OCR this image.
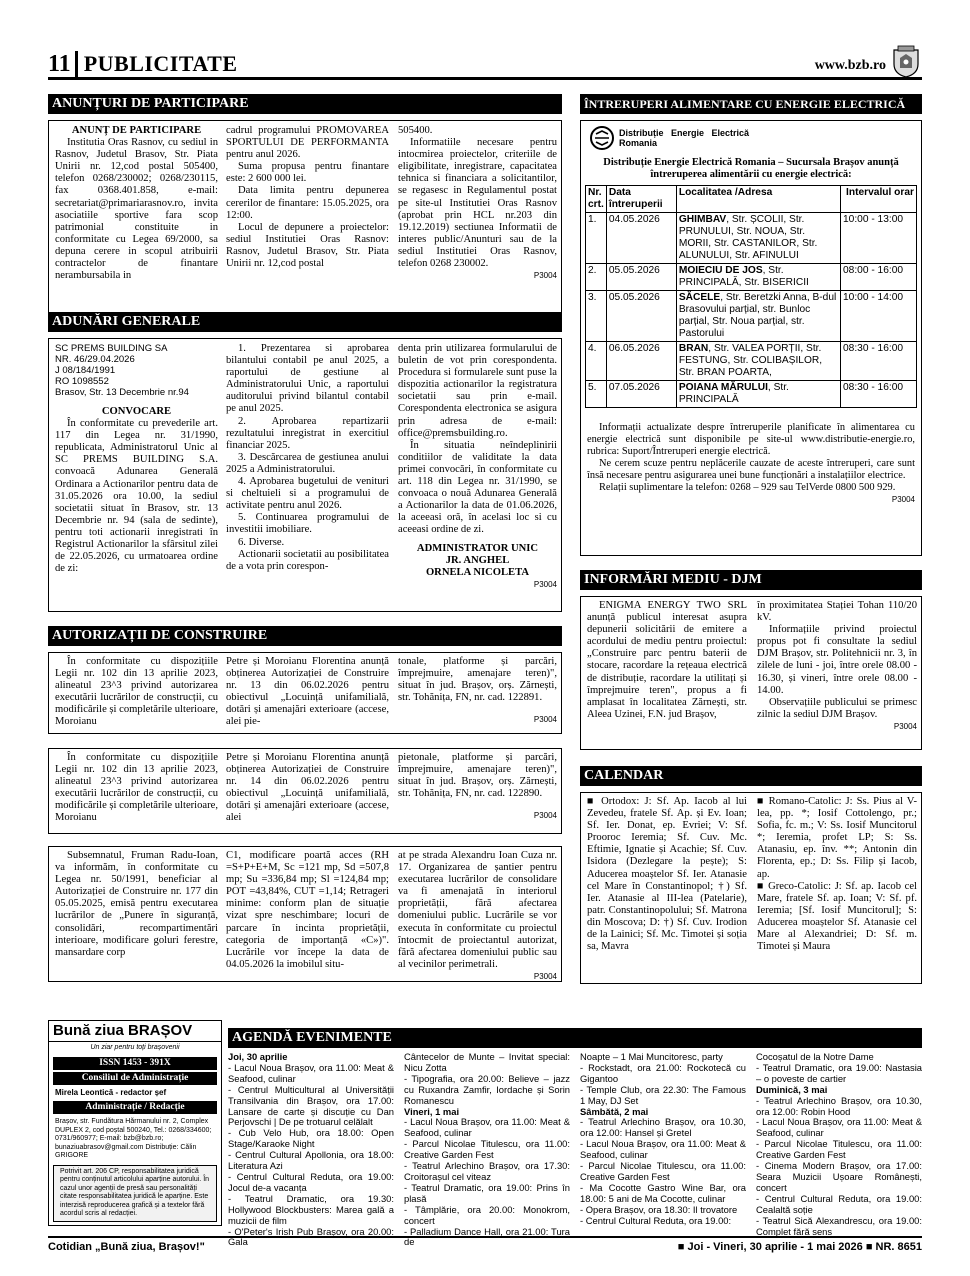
11 PUBLICITATE	www.bzb.ro
ANUNȚURI DE PARTICIPARE
ANUNȚ DE PARTICIPARE

Institutia Oras Rasnov, cu sediul in Rasnov, Judetul Brasov, Str. Piata Unirii nr. 12,cod postal 505400, telefon 0268/230002; 0268/230115, fax 0368.401.858, e-mail: secretariat@primariarasnov.ro, invita asociatiile sportive fara scop patrimonial constituite in conformitate cu Legea 69/2000, sa depuna cerere in scopul atribuirii contractelor de finantare nerambursabila in

cadrul programului PROMOVAREA SPORTULUI DE PERFORMANTA pentru anul 2026.

Suma propusa pentru finantare este: 2 600 000 lei.

Data limita pentru depunerea cererilor de finantare: 15.05.2025, ora 12:00.

Locul de depunere a proiectelor: sediul Institutiei Oras Rasnov: Rasnov, Judetul Brasov, Str. Piata Unirii nr. 12,cod postal

505400.

Informatiile necesare pentru intocmirea proiectelor, criteriile de eligibilitate, inregistrare, capacitatea tehnica si financiara a solicitantilor, se regasesc in Regulamentul postat pe site-ul Institutiei Oras Rasnov (aprobat prin HCL nr.203 din 19.12.2019) sectiunea Informatii de interes public/Anunturi sau de la sediul Institutiei Oras Rasnov, telefon 0268 230002.

P3004
ADUNĂRI GENERALE
SC PREMS BUILDING SA
NR. 46/29.04.2026
J 08/184/1991
RO 1098552
Brasov, Str. 13 Decembrie nr.94
CONVOCARE

În conformitate cu prevederile art. 117 din Legea nr. 31/1990, republicata, Administratorul Unic al SC PREMS BUILDING S.A. convoacă Adunarea Generală Ordinara a Actionarilor pentru data de 31.05.2026 ora 10.00, la sediul societatii situat în Brasov, str. 13 Decembrie nr. 94 (sala de sedinte), pentru toti actionarii inregistrati în Registrul Actionarilor la sfârsitul zilei de 22.05.2026, cu urmatoarea ordine de zi:

1. Prezentarea si aprobarea bilantului contabil pe anul 2025, a raportului de gestiune al Administratorului Unic, a raportului auditorului privind bilantul contabil pe anul 2025.

2. Aprobarea repartizarii rezultatului inregistrat in exercitiul financiar 2025.

3. Descărcarea de gestiunea anului 2025 a Administratorului.

4. Aprobarea bugetului de venituri si cheltuieli si a programului de activitate pentru anul 2026.

5. Continuarea programului de investitii imobiliare.

6. Diverse.

Actionarii societatii au posibilitatea de a vota prin corespon-

denta prin utilizarea formularului de buletin de vot prin corespondenta. Procedura si formularele sunt puse la dispozitia actionarilor la registratura societatii sau prin e-mail. Corespondenta electronica se asigura prin adresa de e-mail: office@premsbuilding.ro.

În situatia neîndeplinirii conditiilor de validitate la data primei convocări, în conformitate cu art. 118 din Legea nr. 31/1990, se convoaca o nouă Adunarea Generală a Actionarilor la data de 01.06.2026, la aceeasi oră, în acelasi loc si cu aceeasi ordine de zi.

ADMINISTRATOR UNIC
JR. ANGHEL
ORNELA NICOLETA
P3004
AUTORIZAȚII DE CONSTRUIRE

În conformitate cu dispozițiile Legii nr. 102 din 13 aprilie 2023, alineatul 23^3 privind autorizarea executării lucrărilor de construcții, cu modificările și completările ulterioare, Moroianu

Petre și Moroianu Florentina anunță obținerea Autorizației de Construire nr. 13 din 06.02.2026 pentru obiectivul „Locuință unifamilială, dotări și amenajări exterioare (accese, alei pie-

tonale, platforme și parcări, împrejmuire, amenajare teren)", situat în jud. Brașov, orș. Zărnești, str. Tohănița, FN, nr. cad. 122891.

P3004

În conformitate cu dispozițiile Legii nr. 102 din 13 aprilie 2023, alineatul 23^3 privind autorizarea executării lucrărilor de construcții, cu modificările și completările ulterioare, Moroianu

Petre și Moroianu Florentina anunță obținerea Autorizației de Construire nr. 14 din 06.02.2026 pentru obiectivul „Locuință unifamilială, dotări și amenajări exterioare (accese, alei

pietonale, platforme și parcări, împrejmuire, amenajare teren)", situat în jud. Brașov, orș. Zărnești, str. Tohănița, FN, nr. cad. 122890.

P3004

Subsemnatul, Fruman Radu-Ioan, va informăm, în conformitate cu Legea nr. 50/1991, beneficiar al Autorizației de Construire nr. 177 din 05.05.2025, emisă pentru executarea lucrărilor de „Punere în siguranță, consolidări, recompartimentări interioare, modificare goluri ferestre, mansardare corp

C1, modificare poartă acces (RH =S+P+E+M, Sc =121 mp, Sd =507,8 mp; Su =336,84 mp; Sl =124,84 mp; POT =43,84%, CUT =1,14; Retrageri minime: conform plan de situație vizat spre neschimbare; locuri de parcare în incinta proprietății, categoria de importanță «C»)". Lucrările vor începe la data de 04.05.2026 la imobilul situ-

at pe strada Alexandru Ioan Cuza nr. 17. Organizarea de șantier pentru executarea lucrărilor de consolidare va fi amenajată în interiorul proprietății, fără afectarea domeniului public. Lucrările se vor executa în conformitate cu proiectul întocmit de proiectantul autorizat, fără afectarea domeniului public sau al vecinilor perimetrali.

P3004
ÎNTRERUPERI ALIMENTARE CU ENERGIE ELECTRICĂ
Distribuție Energie Electrică Romania
Distribuție Energie Electrică Romania – Sucursala Brașov anunță întreruperea alimentării cu energie electrică:
Nr. crt.	Data întreruperii	Localitatea /Adresa	Intervalul orar
1.	04.05.2026	GHIMBAV, Str. ȘCOLII, Str. PRUNULUI, Str. NOUA, Str. MORII, Str. CASTANILOR, Str. ALUNULUI, Str. AFINULUI	10:00 - 13:00
2.	05.05.2026	MOIECIU DE JOS, Str. PRINCIPALĂ, Str. BISERICII	08:00 - 16:00
3.	05.05.2026	SĂCELE, Str. Beretzki Anna, B-dul Brasovului parțial, str. Bunloc parțial, Str. Noua parțial, str. Pastorului	10:00 - 14:00
4.	06.05.2026	BRAN, Str. VALEA PORȚII, Str. FESTUNG, Str. COLIBAȘILOR, Str. BRAN POARTA,	08:30 - 16:00
5.	07.05.2026	POIANA MĂRULUI, Str. PRINCIPALĂ	08:30 - 16:00

Informații actualizate despre întreruperile planificate în alimentarea cu energie electrică sunt disponibile pe site-ul www.distributie-energie.ro, rubrica: Suport/Întreruperi energie electrică.

Ne cerem scuze pentru neplăcerile cauzate de aceste întreruperi, care sunt însă necesare pentru asigurarea unei bune funcționări a instalațiilor electrice.

Relații suplimentare la telefon: 0268 – 929 sau TelVerde 0800 500 929.

P3004
INFORMĂRI MEDIU - DJM

ENIGMA ENERGY TWO SRL anunță publicul interesat asupra depunerii solicitării de emitere a acordului de mediu pentru proiectul: „Construire parc pentru baterii de stocare, racordare la rețeaua electrică de distribuție, racordare la utilitați și împrejmuire teren", propus a fi amplasat în localitatea Zărnești, str. Aleea Uzinei, F.N. jud Brașov,

în proximitatea Stației Tohan 110/20 kV.

Informațiile privind proiectul propus pot fi consultate la sediul DJM Brașov, str. Politehnicii nr. 3, în zilele de luni - joi, între orele 08.00 - 16.30, și vineri, între orele 08.00 - 14.00.

Observațiile publicului se primesc zilnic la sediul DJM Brașov.

P3004
CALENDAR

■ Ortodox: J: Sf. Ap. Iacob al lui Zevedeu, fratele Sf. Ap. și Ev. Ioan; Sf. Ier. Donat, ep. Evriei; V: Sf. Prooroc Ieremia; Sf. Cuv. Mc. Eftimie, Ignatie și Acachie; Sf. Cuv. Isidora (Dezlegare la pește); S: Aducerea moaștelor Sf. Ier. Atanasie cel Mare în Constantinopol; †) Sf. Ier. Atanasie al III-lea (Patelarie), patr. Constantinopolului; Sf. Matrona din Moscova; D: †) Sf. Cuv. Irodion de la Lainici; Sf. Mc. Timotei și soția sa, Mavra

■ Romano-Catolic: J: Ss. Pius al V-lea, pp. *; Iosif Cottolengo, pr.; Sofia, fc. m.; V: Ss. Iosif Muncitorul *; Ieremia, profet LP; S: Ss. Atanasiu, ep. înv. **; Antonin din Florenta, ep.; D: Ss. Filip și Iacob, ap.

■ Greco-Catolic: J: Sf. ap. Iacob cel Mare, fratele Sf. ap. Ioan; V: Sf. pf. Ieremia; [Sf. Iosif Muncitorul]; S: Aducerea moaștelor Sf. Atanasie cel Mare al Alexandriei; D: Sf. m. Timotei și Maura

Bună ziua BRAȘOV
Un ziar pentru toți brașovenii
ISSN 1453 - 391X
Consiliul de Administrație
Mirela Leontică - redactor șef
Administrație / Redacție
Brașov, str. Fundătura Hărmanului nr. 2, Complex DUPLEX 2, cod poștal 500240, Tel.: 0268/334600; 0731/960977; E-mail: bzb@bzb.ro; bunaziuabrasov@gmail.com Distribuție: Călin GRIGORE
Potrivit art. 206 CP, responsabilitatea juridică pentru conținutul articolului aparține autorului. În cazul unor agenții de presă sau personalități citate responsabilitatea juridică le aparține. Este interzisă reproducerea grafică și a textelor fără acordul scris al redacției.
AGENDĂ EVENIMENTE
Joi, 30 aprilie
- Lacul Noua Brașov, ora 11.00: Meat & Seafood, culinar
- Centrul Multicultural al Universității Transilvania din Brașov, ora 17.00: Lansare de carte și discuție cu Dan Perjovschi | De pe trotuarul celălalt
- Cub Velo Hub, ora 18.00: Open Stage/Karaoke Night
- Centrul Cultural Apollonia, ora 18.00: Literatura Azi
- Centrul Cultural Reduta, ora 19.00: Jocul de-a vacanța
- Teatrul Dramatic, ora 19.30: Hollywood Blockbusters: Marea gală a muzicii de film
- O'Peter's Irish Pub Brașov, ora 20.00: Gala
Cântecelor de Munte – Invitat special: Nicu Zotta
- Tipografia, ora 20.00: Believe – jazz cu Ruxandra Zamfir, Iordache și Sorin Romanescu
Vineri, 1 mai
- Lacul Noua Brașov, ora 11.00: Meat & Seafood, culinar
- Parcul Nicolae Titulescu, ora 11.00: Creative Garden Fest
- Teatrul Arlechino Brașov, ora 17.30: Croitorașul cel viteaz
- Teatrul Dramatic, ora 19.00: Prins în plasă
- Tâmplărie, ora 20.00: Monokrom, concert
- Palladium Dance Hall, ora 21.00: Tura de
Noapte – 1 Mai Muncitoresc, party
- Rockstadt, ora 21.00: Rockotecă cu Gigantoo
- Temple Club, ora 22.30: The Famous 1 May, DJ Set
Sâmbătă, 2 mai
- Teatrul Arlechino Brașov, ora 10.30, ora 12.00: Hansel și Gretel
- Lacul Noua Brașov, ora 11.00: Meat & Seafood, culinar
- Parcul Nicolae Titulescu, ora 11.00: Creative Garden Fest
- Ma Cocotte Gastro Wine Bar, ora 18.00: 5 ani de Ma Cocotte, culinar
- Opera Brașov, ora 18.30: Il trovatore
- Centrul Cultural Reduta, ora 19.00:
Cocoșatul de la Notre Dame
- Teatrul Dramatic, ora 19.00: Nastasia – o poveste de cartier
Duminică, 3 mai
- Teatrul Arlechino Brașov, ora 10.30, ora 12.00: Robin Hood
- Lacul Noua Brașov, ora 11.00: Meat & Seafood, culinar
- Parcul Nicolae Titulescu, ora 11.00: Creative Garden Fest
- Cinema Modern Brașov, ora 17.00: Seara Muzicii Ușoare Românești, concert
- Centrul Cultural Reduta, ora 19.00: Cealaltă soție
- Teatrul Sică Alexandrescu, ora 19.00: Complet fără sens
Cotidian „Bună ziua, Brașov!"	■ Joi - Vineri, 30 aprilie - 1 mai 2026 ■ NR. 8651
